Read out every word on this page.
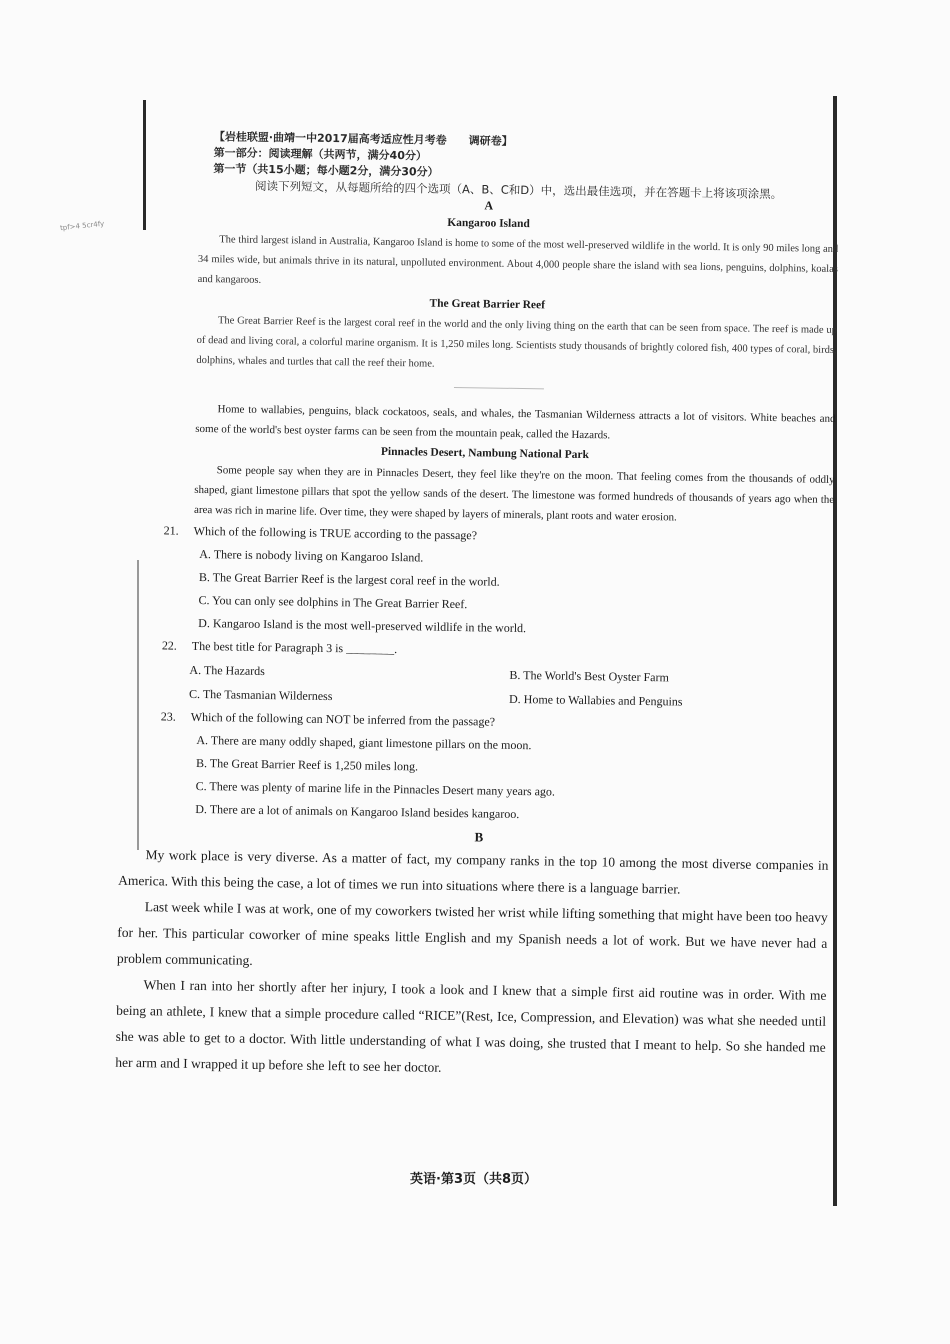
tpf>4 5cr4fy
【岩桂联盟·曲靖一中2017届高考适应性月考卷　　调研卷】
第一部分：阅读理解（共两节，满分40分）
第一节（共15小题；每小题2分，满分30分）
阅读下列短文，从每题所给的四个选项（A、B、C和D）中，选出最佳选项，并在答题卡上将该项涂黑。
A
Kangaroo Island

The third largest island in Australia, Kangaroo Island is home to some of the most well-preserved wildlife in the world. It is only 90 miles long and 34 miles wide, but animals thrive in its natural, unpolluted environment. About 4,000 people share the island with sea lions, penguins, dolphins, koalas and kangaroos.

The Great Barrier Reef

The Great Barrier Reef is the largest coral reef in the world and the only living thing on the earth that can be seen from space. The reef is made up of dead and living coral, a colorful marine organism. It is 1,250 miles long. Scientists study thousands of brightly colored fish, 400 types of coral, birds, dolphins, whales and turtles that call the reef their home.

Home to wallabies, penguins, black cockatoos, seals, and whales, the Tasmanian Wilderness attracts a lot of visitors. White beaches and some of the world's best oyster farms can be seen from the mountain peak, called the Hazards.

Pinnacles Desert, Nambung National Park

Some people say when they are in Pinnacles Desert, they feel like they're on the moon. That feeling comes from the thousands of oddly shaped, giant limestone pillars that spot the yellow sands of the desert. The limestone was formed hundreds of thousands of years ago when the area was rich in marine life. Over time, they were shaped by layers of minerals, plant roots and water erosion.

21. Which of the following is TRUE according to the passage?

A. There is nobody living on Kangaroo Island.

B. The Great Barrier Reef is the largest coral reef in the world.

C. You can only see dolphins in The Great Barrier Reef.

D. Kangaroo Island is the most well-preserved wildlife in the world.

22. The best title for Paragraph 3 is ________.

A. The Hazards	B. The World's Best Oyster Farm
C. The Tasmanian Wilderness	D. Home to Wallabies and Penguins

23. Which of the following can NOT be inferred from the passage?

A. There are many oddly shaped, giant limestone pillars on the moon.

B. The Great Barrier Reef is 1,250 miles long.

C. There was plenty of marine life in the Pinnacles Desert many years ago.

D. There are a lot of animals on Kangaroo Island besides kangaroo.

B

My work place is very diverse. As a matter of fact, my company ranks in the top 10 among the most diverse companies in America. With this being the case, a lot of times we run into situations where there is a language barrier.

Last week while I was at work, one of my coworkers twisted her wrist while lifting something that might have been too heavy for her. This particular coworker of mine speaks little English and my Spanish needs a lot of work. But we have never had a problem communicating.

When I ran into her shortly after her injury, I took a look and I knew that a simple first aid routine was in order. With me being an athlete, I knew that a simple procedure called “RICE”(Rest, Ice, Compression, and Elevation) was what she needed until she was able to get to a doctor. With little understanding of what I was doing, she trusted that I meant to help. So she handed me her arm and I wrapped it up before she left to see her doctor.

英语·第3页（共8页）
